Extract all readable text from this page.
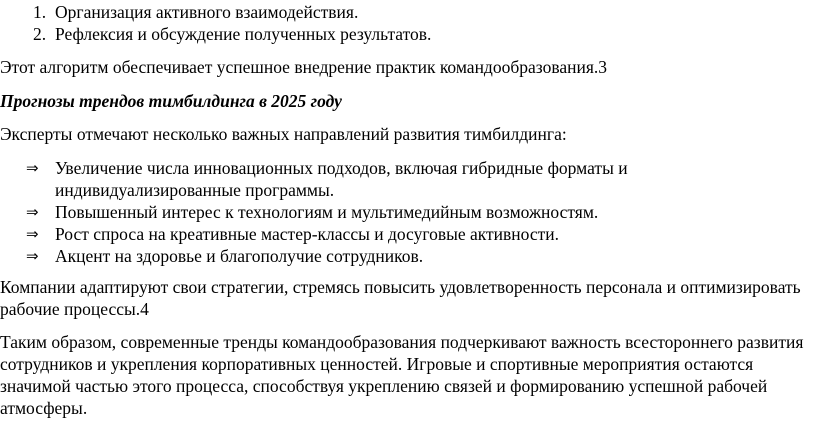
1. Организация активного взаимодействия.
2. Рефлексия и обсуждение полученных результатов.

Этот алгоритм обеспечивает успешное внедрение практик командообразования.3

Прогнозы трендов тимбилдинга в 2025 году

Эксперты отмечают несколько важных направлений развития тимбилдинга:

⇒ Увеличение числа инновационных подходов, включая гибридные форматы и индивидуализированные программы.
⇒ Повышенный интерес к технологиям и мультимедийным возможностям.
⇒ Рост спроса на креативные мастер-классы и досуговые активности.
⇒ Акцент на здоровье и благополучие сотрудников.

Компании адаптируют свои стратегии, стремясь повысить удовлетворенность персонала и оптимизировать рабочие процессы.4

Таким образом, современные тренды командообразования подчеркивают важность всестороннего развития сотрудников и укрепления корпоративных ценностей. Игровые и спортивные мероприятия остаются значимой частью этого процесса, способствуя укреплению связей и формированию успешной рабочей атмосферы.
